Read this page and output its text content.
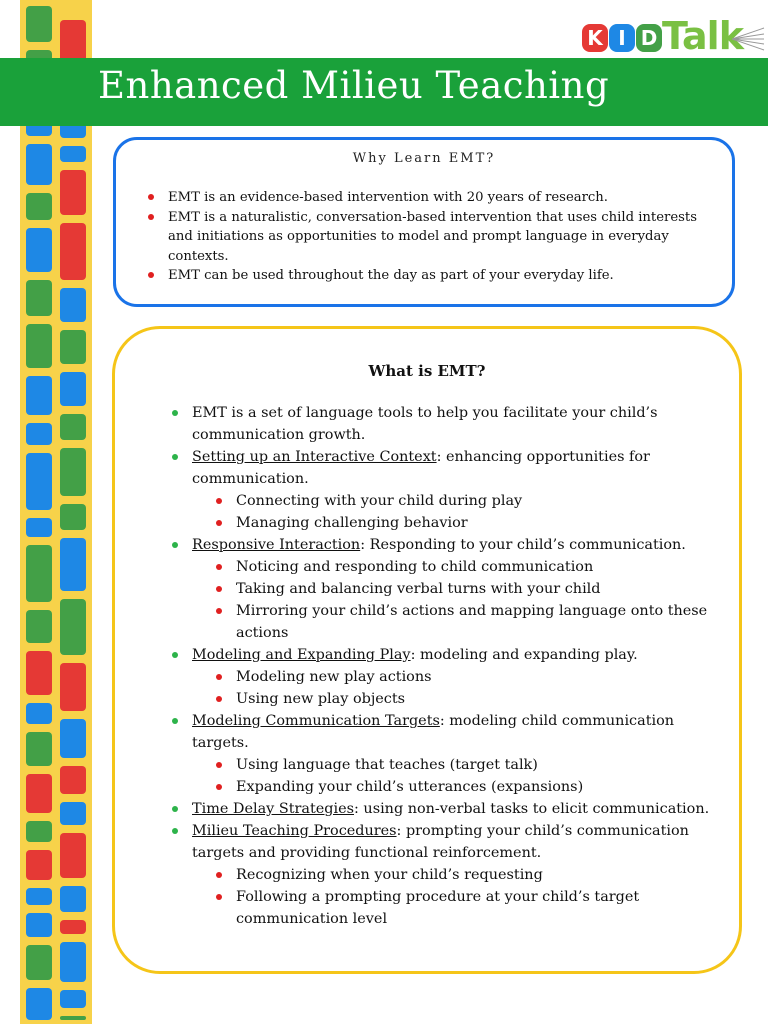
Enhanced Milieu Teaching
K I D Talk
Why Learn EMT?
EMT is an evidence-based intervention with 20 years of research.
EMT is a naturalistic, conversation-based intervention that uses child interests and initiations as opportunities to model and prompt language in everyday contexts.
EMT can be used throughout the day as part of your everyday life.
What is EMT?
EMT is a set of language tools to help you facilitate your child’s communication growth.
Setting up an Interactive Context: enhancing opportunities for communication.
Connecting with your child during play
Managing challenging behavior
Responsive Interaction: Responding to your child’s communication.
Noticing and responding to child communication
Taking and balancing verbal turns with your child
Mirroring your child’s actions and mapping language onto these actions
Modeling and Expanding Play: modeling and expanding play.
Modeling new play actions
Using new play objects
Modeling Communication Targets: modeling child communication targets.
Using language that teaches (target talk)
Expanding your child’s utterances (expansions)
Time Delay Strategies: using non-verbal tasks to elicit communication.
Milieu Teaching Procedures: prompting your child’s communication targets and providing functional reinforcement.
Recognizing when your child’s requesting
Following a prompting procedure at your child’s target communication level
